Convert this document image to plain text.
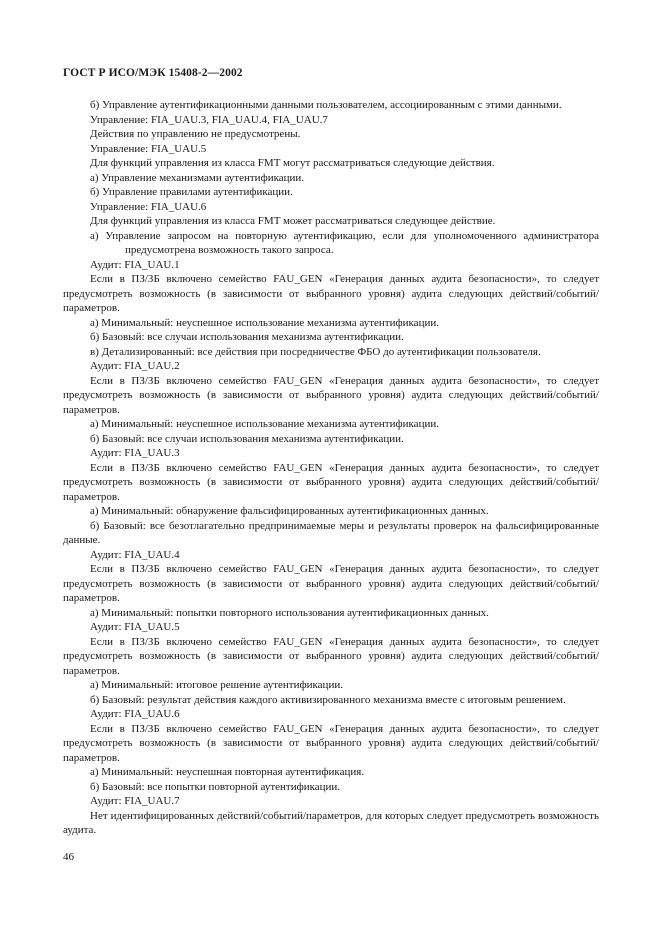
ГОСТ Р ИСО/МЭК 15408-2—2002

б) Управление аутентификационными данными пользователем, ассоциированным с этими данными.

Управление: FIA_UAU.3, FIA_UAU.4, FIA_UAU.7

Действия по управлению не предусмотрены.

Управление: FIA_UAU.5

Для функций управления из класса FMT могут рассматриваться следующие действия.

а) Управление механизмами аутентификации.

б) Управление правилами аутентификации.

Управление: FIA_UAU.6

Для функций управления из класса FMT может рассматриваться следующее действие.

а) Управление запросом на повторную аутентификацию, если для уполномоченного администратора предусмотрена возможность такого запроса.

Аудит: FIA_UAU.1

Если в ПЗ/ЗБ включено семейство FAU_GEN «Генерация данных аудита безопасности», то следует предусмотреть возможность (в зависимости от выбранного уровня) аудита следующих действий/событий/параметров.

а) Минимальный: неуспешное использование механизма аутентификации.

б) Базовый: все случаи использования механизма аутентификации.

в) Детализированный: все действия при посредничестве ФБО до аутентификации пользователя.

Аудит: FIA_UAU.2

Если в ПЗ/ЗБ включено семейство FAU_GEN «Генерация данных аудита безопасности», то следует предусмотреть возможность (в зависимости от выбранного уровня) аудита следующих действий/событий/параметров.

а) Минимальный: неуспешное использование механизма аутентификации.

б) Базовый: все случаи использования механизма аутентификации.

Аудит: FIA_UAU.3

Если в ПЗ/ЗБ включено семейство FAU_GEN «Генерация данных аудита безопасности», то следует предусмотреть возможность (в зависимости от выбранного уровня) аудита следующих действий/событий/параметров.

а) Минимальный: обнаружение фальсифицированных аутентификационных данных.

б) Базовый: все безотлагательно предпринимаемые меры и результаты проверок на фальсифицированные данные.

Аудит: FIA_UAU.4

Если в ПЗ/ЗБ включено семейство FAU_GEN «Генерация данных аудита безопасности», то следует предусмотреть возможность (в зависимости от выбранного уровня) аудита следующих действий/событий/параметров.

а) Минимальный: попытки повторного использования аутентификационных данных.

Аудит: FIA_UAU.5

Если в ПЗ/ЗБ включено семейство FAU_GEN «Генерация данных аудита безопасности», то следует предусмотреть возможность (в зависимости от выбранного уровня) аудита следующих действий/событий/параметров.

а) Минимальный: итоговое решение аутентификации.

б) Базовый: результат действия каждого активизированного механизма вместе с итоговым решением.

Аудит: FIA_UAU.6

Если в ПЗ/ЗБ включено семейство FAU_GEN «Генерация данных аудита безопасности», то следует предусмотреть возможность (в зависимости от выбранного уровня) аудита следующих действий/событий/параметров.

а) Минимальный: неуспешная повторная аутентификация.

б) Базовый: все попытки повторной аутентификации.

Аудит: FIA_UAU.7

Нет идентифицированных действий/событий/параметров, для которых следует предусмотреть возможность аудита.

46
